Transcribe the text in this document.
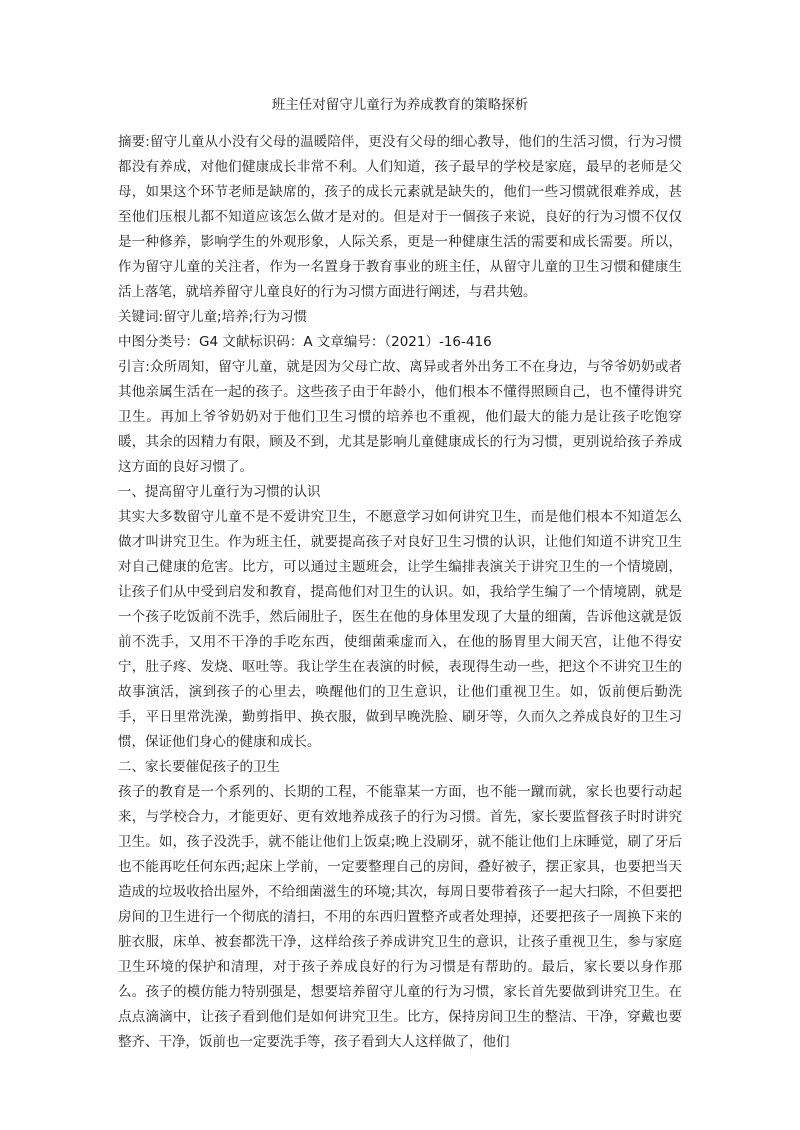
班主任对留守儿童行为养成教育的策略探析

摘要:留守儿童从小没有父母的温暖陪伴，更没有父母的细心教导，他们的生活习惯，行为习惯都没有养成，对他们健康成长非常不利。人们知道，孩子最早的学校是家庭，最早的老师是父母，如果这个环节老师是缺席的，孩子的成长元素就是缺失的，他们一些习惯就很难养成，甚至他们压根儿都不知道应该怎么做才是对的。但是对于一個孩子来说，良好的行为习惯不仅仅是一种修养，影响学生的外观形象，人际关系，更是一种健康生活的需要和成长需要。所以，作为留守儿童的关注者，作为一名置身于教育事业的班主任，从留守儿童的卫生习惯和健康生活上落笔，就培养留守儿童良好的行为习惯方面进行阐述，与君共勉。

关键词:留守儿童;培养;行为习惯

中图分类号：G4 文献标识码：A 文章编号：（2021）-16-416

引言:众所周知，留守儿童，就是因为父母亡故、离异或者外出务工不在身边，与爷爷奶奶或者其他亲属生活在一起的孩子。这些孩子由于年龄小，他们根本不懂得照顾自己，也不懂得讲究卫生。再加上爷爷奶奶对于他们卫生习惯的培养也不重视，他们最大的能力是让孩子吃饱穿暖，其余的因精力有限，顾及不到，尤其是影响儿童健康成长的行为习惯，更别说给孩子养成这方面的良好习惯了。

一、提高留守儿童行为习惯的认识

其实大多数留守儿童不是不爱讲究卫生，不愿意学习如何讲究卫生，而是他们根本不知道怎么做才叫讲究卫生。作为班主任，就要提高孩子对良好卫生习惯的认识，让他们知道不讲究卫生对自己健康的危害。比方，可以通过主题班会，让学生编排表演关于讲究卫生的一个情境剧，让孩子们从中受到启发和教育，提高他们对卫生的认识。如，我给学生编了一个情境剧，就是一个孩子吃饭前不洗手，然后闹肚子，医生在他的身体里发现了大量的细菌，告诉他这就是饭前不洗手，又用不干净的手吃东西，使细菌乘虚而入，在他的肠胃里大闹天宫，让他不得安宁，肚子疼、发烧、呕吐等。我让学生在表演的时候，表现得生动一些，把这个不讲究卫生的故事演活，演到孩子的心里去，唤醒他们的卫生意识，让他们重视卫生。如，饭前便后勤洗手，平日里常洗澡，勤剪指甲、换衣服，做到早晚洗脸、刷牙等，久而久之养成良好的卫生习惯，保证他们身心的健康和成长。

二、家长要催促孩子的卫生

孩子的教育是一个系列的、长期的工程，不能靠某一方面，也不能一蹴而就，家长也要行动起来，与学校合力，才能更好、更有效地养成孩子的行为习惯。首先，家长要监督孩子时时讲究卫生。如，孩子没洗手，就不能让他们上饭桌;晚上没刷牙，就不能让他们上床睡觉，刷了牙后也不能再吃任何东西;起床上学前，一定要整理自己的房间，叠好被子，摆正家具，也要把当天造成的垃圾收拾出屋外，不给细菌滋生的环境;其次，每周日要带着孩子一起大扫除，不但要把房间的卫生进行一个彻底的清扫，不用的东西归置整齐或者处理掉，还要把孩子一周换下来的脏衣服，床单、被套都洗干净，这样给孩子养成讲究卫生的意识，让孩子重视卫生，参与家庭卫生环境的保护和清理，对于孩子养成良好的行为习惯是有帮助的。最后，家长要以身作那么。孩子的模仿能力特别强是，想要培养留守儿童的行为习惯，家长首先要做到讲究卫生。在点点滴滴中，让孩子看到他们是如何讲究卫生。比方，保持房间卫生的整洁、干净，穿戴也要整齐、干净，饭前也一定要洗手等，孩子看到大人这样做了，他们
